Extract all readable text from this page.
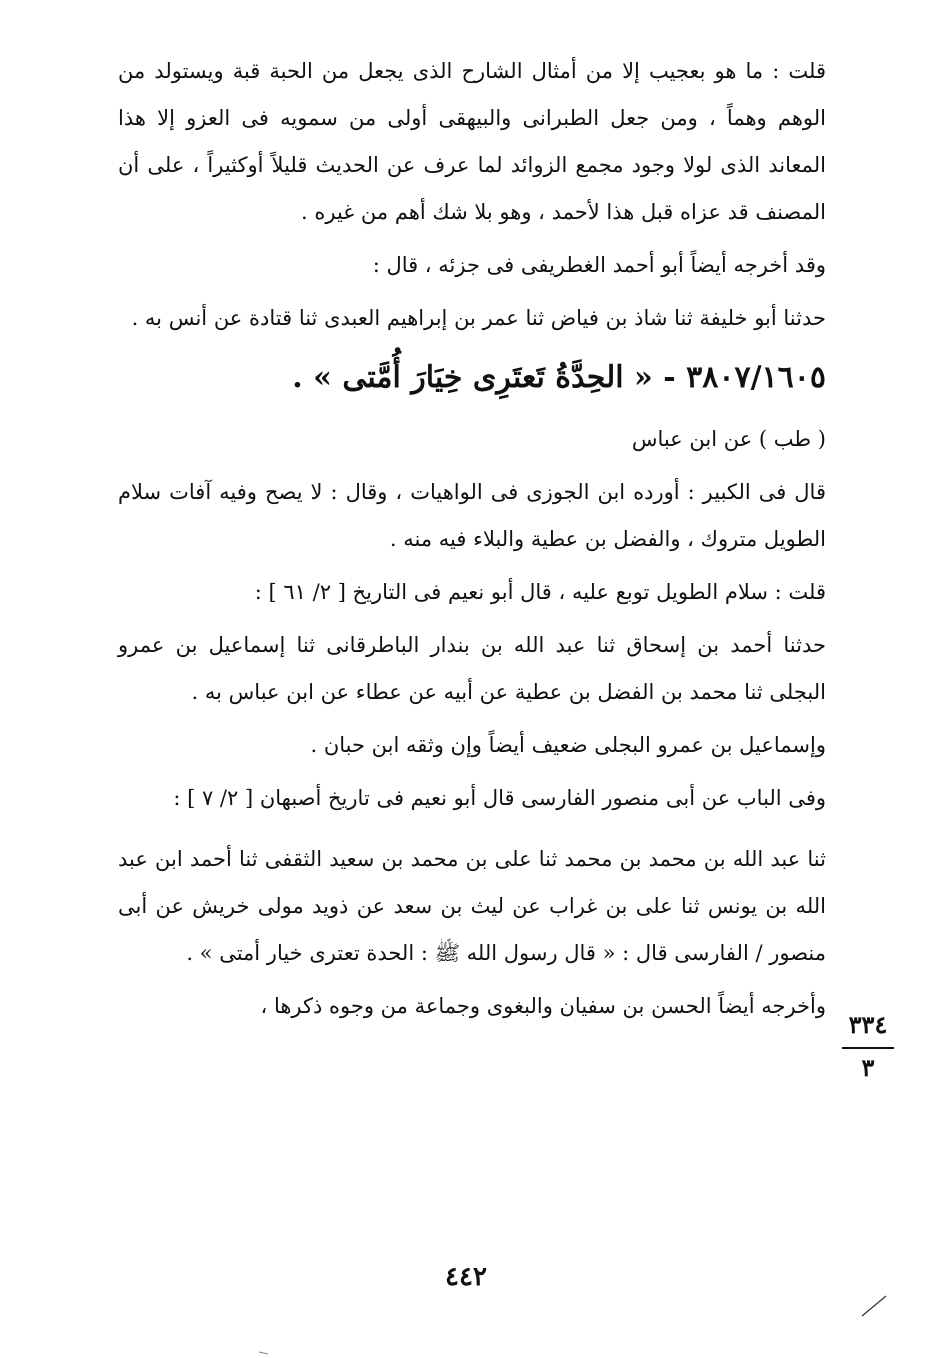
قلت : ما هو بعجيب إلا من أمثال الشارح الذى يجعل من الحبة قبة ويستولد من الوهم وهماً ، ومن جعل الطبرانى والبيهقى أولى من سمويه فى العزو إلا هذا المعاند الذى لولا وجود مجمع الزوائد لما عرف عن الحديث قليلاً أوكثيراً ، على أن المصنف قد عزاه قبل هذا لأحمد ، وهو بلا شك أهم من غيره .

وقد أخرجه أيضاً أبو أحمد الغطريفى فى جزئه ، قال :

حدثنا أبو خليفة ثنا شاذ بن فياض ثنا عمر بن إبراهيم العبدى ثنا قتادة عن أنس به .

٣٨٠٧/١٦٠٥ - « الحِدَّةُ تَعتَرِى خِيَارَ أُمَّتى » .

( طب ) عن ابن عباس

قال فى الكبير : أورده ابن الجوزى فى الواهيات ، وقال : لا يصح وفيه آفات سلام الطويل متروك ، والفضل بن عطية والبلاء فيه منه .

قلت : سلام الطويل توبع عليه ، قال أبو نعيم فى التاريخ [ ٢/ ٦١ ] :

حدثنا أحمد بن إسحاق ثنا عبد الله بن بندار الباطرقانى ثنا إسماعيل بن عمرو البجلى ثنا محمد بن الفضل بن عطية عن أبيه عن عطاء عن ابن عباس به .

وإسماعيل بن عمرو البجلى ضعيف أيضاً وإن وثقه ابن حبان .

وفى الباب عن أبى منصور الفارسى قال أبو نعيم فى تاريخ أصبهان [ ٢/ ٧ ] :

ثنا عبد الله بن محمد بن محمد ثنا على بن محمد بن سعيد الثقفى ثنا أحمد ابن عبد الله بن يونس ثنا على بن غراب عن ليث بن سعد عن ذويد مولى خريش عن أبى منصور / الفارسى قال : « قال رسول الله ﷺ : الحدة تعترى خيار أمتى » .

وأخرجه أيضاً الحسن بن سفيان والبغوى وجماعة من وجوه ذكرها ،

٣٣٤
٣
٤٤٢
